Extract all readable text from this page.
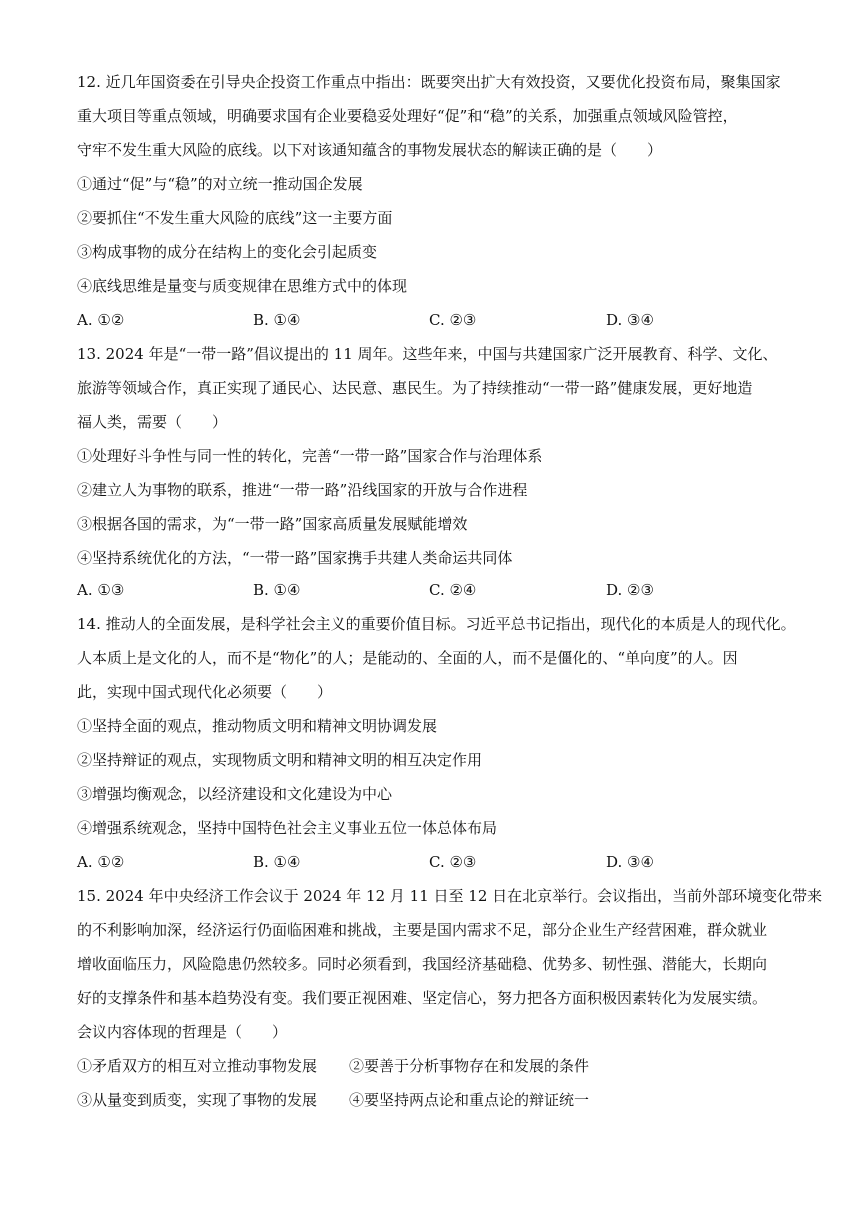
12. 近几年国资委在引导央企投资工作重点中指出：既要突出扩大有效投资，又要优化投资布局，聚集国家
重大项目等重点领域，明确要求国有企业要稳妥处理好“促”和“稳”的关系，加强重点领域风险管控，
守牢不发生重大风险的底线。以下对该通知蕴含的事物发展状态的解读正确的是（　　）
①通过“促”与“稳”的对立统一推动国企发展
②要抓住“不发生重大风险的底线”这一主要方面
③构成事物的成分在结构上的变化会引起质变
④底线思维是量变与质变规律在思维方式中的体现
A. ①②	B. ①④	C. ②③	D. ③④
13. 2024 年是“一带一路”倡议提出的 11 周年。这些年来，中国与共建国家广泛开展教育、科学、文化、
旅游等领域合作，真正实现了通民心、达民意、惠民生。为了持续推动“一带一路”健康发展，更好地造
福人类，需要（　　）
①处理好斗争性与同一性的转化，完善“一带一路”国家合作与治理体系
②建立人为事物的联系，推进“一带一路”沿线国家的开放与合作进程
③根据各国的需求，为“一带一路”国家高质量发展赋能增效
④坚持系统优化的方法，“一带一路”国家携手共建人类命运共同体
A. ①③	B. ①④	C. ②④	D. ②③
14. 推动人的全面发展，是科学社会主义的重要价值目标。习近平总书记指出，现代化的本质是人的现代化。
人本质上是文化的人，而不是“物化”的人；是能动的、全面的人，而不是僵化的、“单向度”的人。因
此，实现中国式现代化必须要（　　）
①坚持全面的观点，推动物质文明和精神文明协调发展
②坚持辩证的观点，实现物质文明和精神文明的相互决定作用
③增强均衡观念，以经济建设和文化建设为中心
④增强系统观念，坚持中国特色社会主义事业五位一体总体布局
A. ①②	B. ①④	C. ②③	D. ③④
15. 2024 年中央经济工作会议于 2024 年 12 月 11 日至 12 日在北京举行。会议指出，当前外部环境变化带来
的不利影响加深，经济运行仍面临困难和挑战，主要是国内需求不足，部分企业生产经营困难，群众就业
增收面临压力，风险隐患仍然较多。同时必须看到，我国经济基础稳、优势多、韧性强、潜能大，长期向
好的支撑条件和基本趋势没有变。我们要正视困难、坚定信心，努力把各方面积极因素转化为发展实绩。
会议内容体现的哲理是（　　）
①矛盾双方的相互对立推动事物发展 ②要善于分析事物存在和发展的条件
③从量变到质变，实现了事物的发展 ④要坚持两点论和重点论的辩证统一
